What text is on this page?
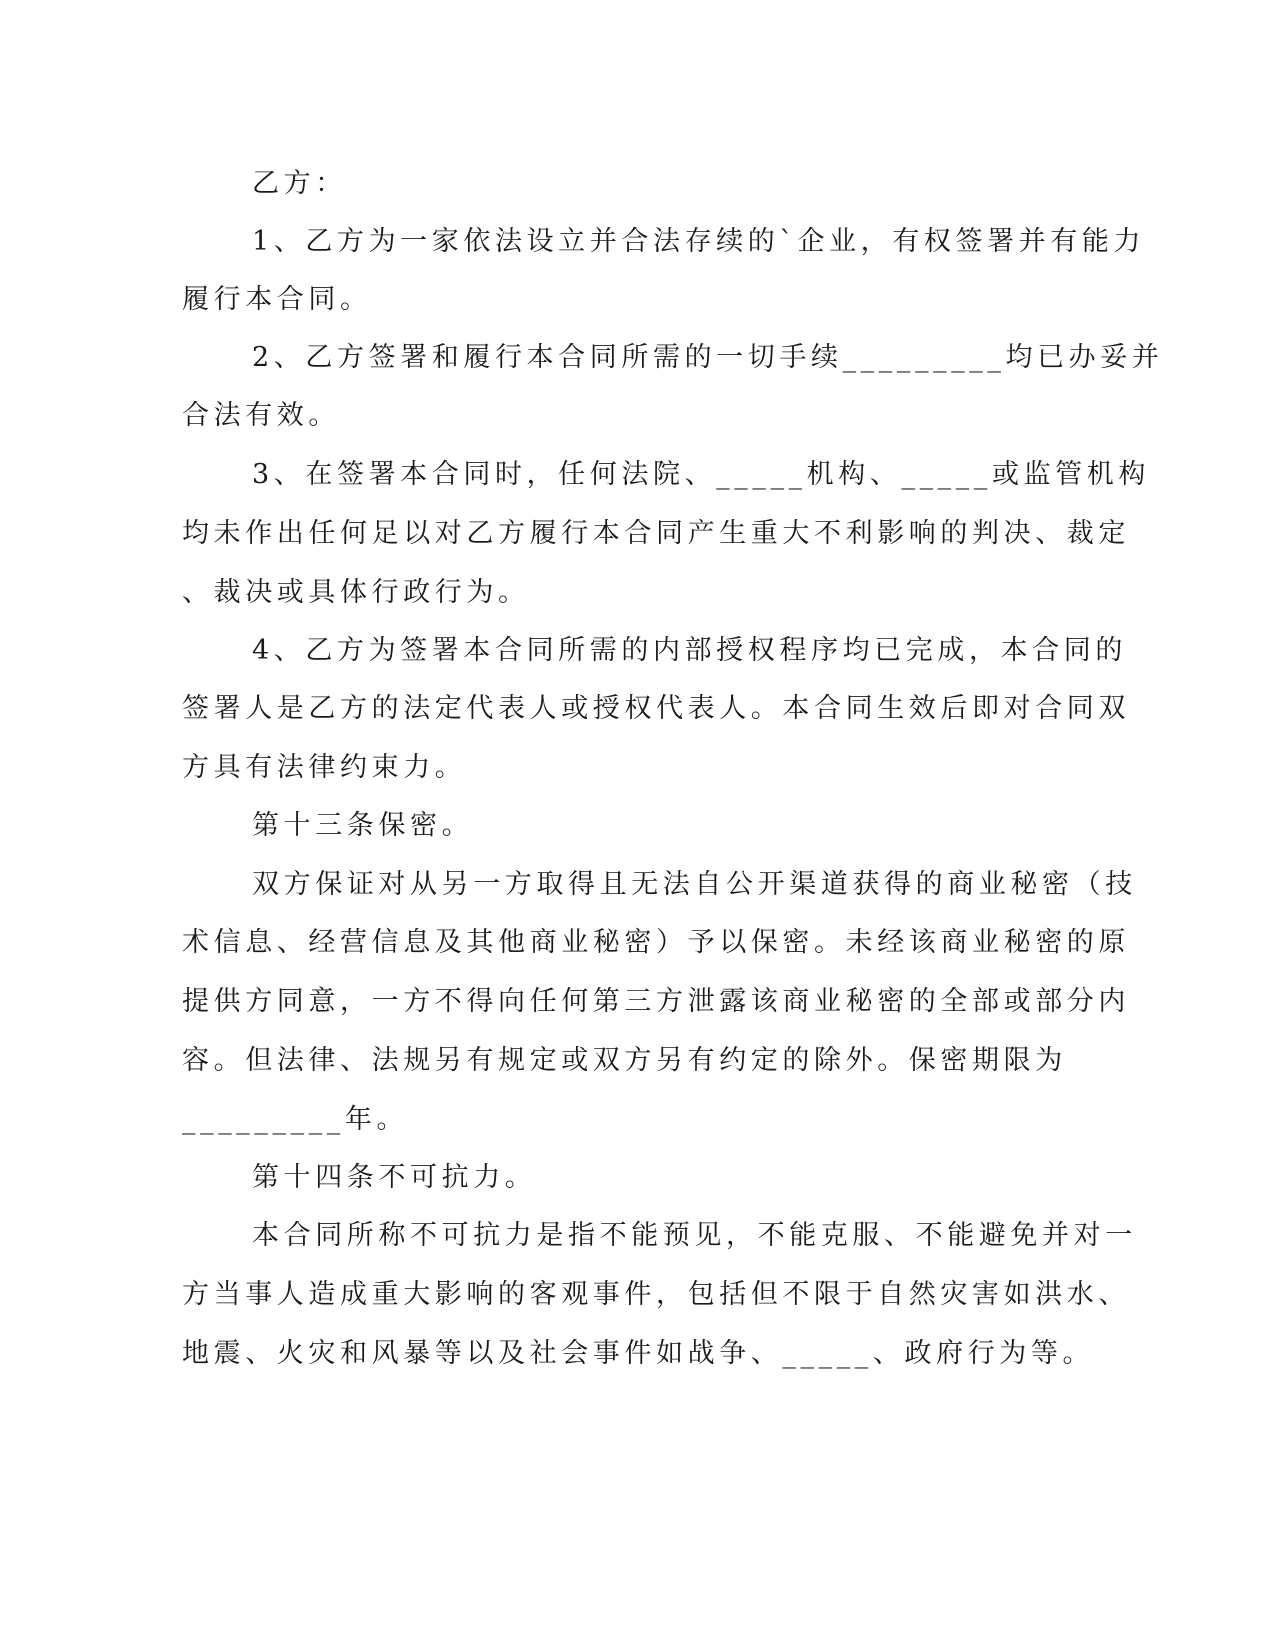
乙方：
1、乙方为一家依法设立并合法存续的`企业，有权签署并有能力
履行本合同。
2、乙方签署和履行本合同所需的一切手续_________均已办妥并
合法有效。
3、在签署本合同时，任何法院、_____机构、_____或监管机构
均未作出任何足以对乙方履行本合同产生重大不利影响的判决、裁定
、裁决或具体行政行为。
4、乙方为签署本合同所需的内部授权程序均已完成，本合同的
签署人是乙方的法定代表人或授权代表人。本合同生效后即对合同双
方具有法律约束力。
第十三条保密。
双方保证对从另一方取得且无法自公开渠道获得的商业秘密（技
术信息、经营信息及其他商业秘密）予以保密。未经该商业秘密的原
提供方同意，一方不得向任何第三方泄露该商业秘密的全部或部分内
容。但法律、法规另有规定或双方另有约定的除外。保密期限为
_________年。
第十四条不可抗力。
本合同所称不可抗力是指不能预见，不能克服、不能避免并对一
方当事人造成重大影响的客观事件，包括但不限于自然灾害如洪水、
地震、火灾和风暴等以及社会事件如战争、_____、政府行为等。
